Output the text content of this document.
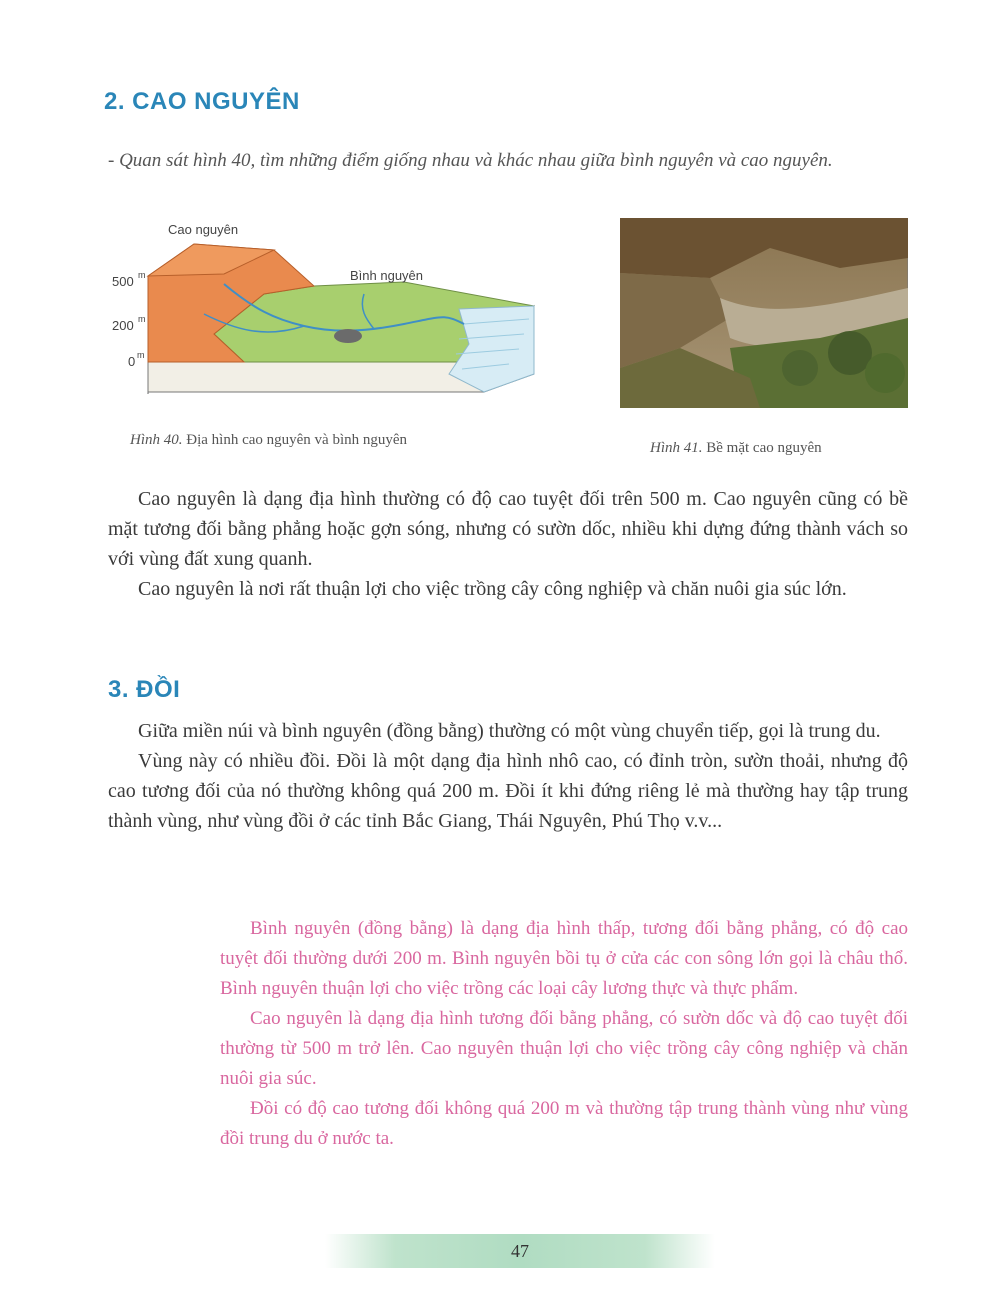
2. CAO NGUYÊN
- Quan sát hình 40, tìm những điểm giống nhau và khác nhau giữa bình nguyên và cao nguyên.
Cao nguyên
Bình nguyên
500 m
200 m
0 m
Hình 40. Địa hình cao nguyên và bình nguyên	Hình 41. Bề mặt cao nguyên

Cao nguyên là dạng địa hình thường có độ cao tuyệt đối trên 500 m. Cao nguyên cũng có bề mặt tương đối bằng phẳng hoặc gợn sóng, nhưng có sườn dốc, nhiều khi dựng đứng thành vách so với vùng đất xung quanh.

Cao nguyên là nơi rất thuận lợi cho việc trồng cây công nghiệp và chăn nuôi gia súc lớn.

3. ĐỒI

Giữa miền núi và bình nguyên (đồng bằng) thường có một vùng chuyển tiếp, gọi là trung du.

Vùng này có nhiều đồi. Đồi là một dạng địa hình nhô cao, có đỉnh tròn, sườn thoải, nhưng độ cao tương đối của nó thường không quá 200 m. Đồi ít khi đứng riêng lẻ mà thường hay tập trung thành vùng, như vùng đồi ở các tỉnh Bắc Giang, Thái Nguyên, Phú Thọ v.v...

Bình nguyên (đồng bằng) là dạng địa hình thấp, tương đối bằng phẳng, có độ cao tuyệt đối thường dưới 200 m. Bình nguyên bồi tụ ở cửa các con sông lớn gọi là châu thổ. Bình nguyên thuận lợi cho việc trồng các loại cây lương thực và thực phẩm.

Cao nguyên là dạng địa hình tương đối bằng phẳng, có sườn dốc và độ cao tuyệt đối thường từ 500 m trở lên. Cao nguyên thuận lợi cho việc trồng cây công nghiệp và chăn nuôi gia súc.

Đồi có độ cao tương đối không quá 200 m và thường tập trung thành vùng như vùng đồi trung du ở nước ta.

47
